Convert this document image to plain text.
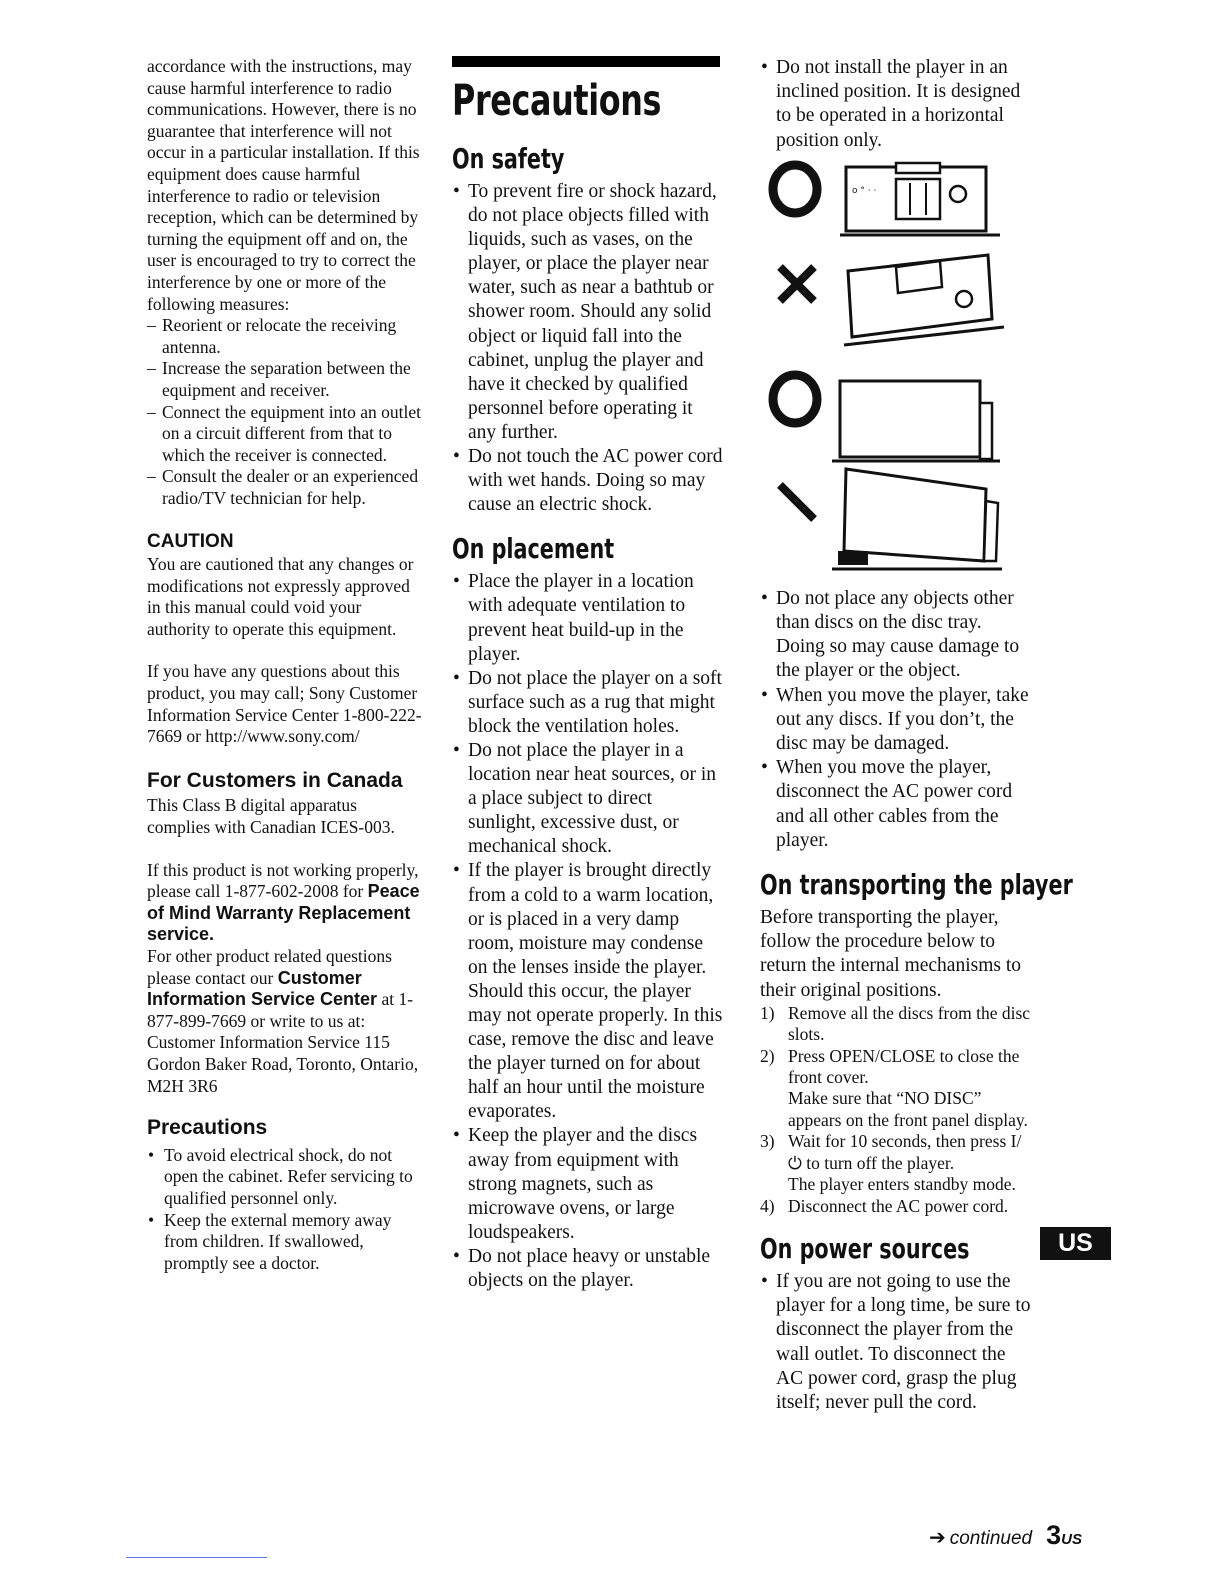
accordance with the instructions, may cause harmful interference to radio communications. However, there is no guarantee that interference will not occur in a particular installation. If this equipment does cause harmful interference to radio or television reception, which can be determined by turning the equipment off and on, the user is encouraged to try to correct the interference by one or more of the following measures:

– Reorient or relocate the receiving antenna.
– Increase the separation between the equipment and receiver.
– Connect the equipment into an outlet on a circuit different from that to which the receiver is connected.
– Consult the dealer or an experienced radio/TV technician for help.
CAUTION

You are cautioned that any changes or modifications not expressly approved in this manual could void your authority to operate this equipment.

If you have any questions about this product, you may call; Sony Customer Information Service Center 1-800-222-7669 or http://www.sony.com/

For Customers in Canada

This Class B digital apparatus complies with Canadian ICES-003.

If this product is not working properly, please call 1-877-602-2008 for Peace of Mind Warranty Replacement service.

For other product related questions please contact our Customer Information Service Center at 1-877-899-7669 or write to us at: Customer Information Service 115 Gordon Baker Road, Toronto, Ontario, M2H 3R6

Precautions
• To avoid electrical shock, do not open the cabinet. Refer servicing to qualified personnel only.
• Keep the external memory away from children. If swallowed, promptly see a doctor.
Precautions
On safety
• To prevent fire or shock hazard, do not place objects filled with liquids, such as vases, on the player, or place the player near water, such as near a bathtub or shower room. Should any solid object or liquid fall into the cabinet, unplug the player and have it checked by qualified personnel before operating it any further.
• Do not touch the AC power cord with wet hands. Doing so may cause an electric shock.
On placement
• Place the player in a location with adequate ventilation to prevent heat build-up in the player.
• Do not place the player on a soft surface such as a rug that might block the ventilation holes.
• Do not place the player in a location near heat sources, or in a place subject to direct sunlight, excessive dust, or mechanical shock.
• If the player is brought directly from a cold to a warm location, or is placed in a very damp room, moisture may condense on the lenses inside the player. Should this occur, the player may not operate properly. In this case, remove the disc and leave the player turned on for about half an hour until the moisture evaporates.
• Keep the player and the discs away from equipment with strong magnets, such as microwave ovens, or large loudspeakers.
• Do not place heavy or unstable objects on the player.
• Do not install the player in an inclined position. It is designed to be operated in a horizontal position only.
o ° · ·
• Do not place any objects other than discs on the disc tray. Doing so may cause damage to the player or the object.
• When you move the player, take out any discs. If you don’t, the disc may be damaged.
• When you move the player, disconnect the AC power cord and all other cables from the player.
On transporting the player

Before transporting the player, follow the procedure below to return the internal mechanisms to their original positions.

1) Remove all the discs from the disc slots.
2) Press OPEN/CLOSE to close the front cover.
Make sure that “NO DISC” appears on the front panel display.
3) Wait for 10 seconds, then press I/⏻ to turn off the player.
The player enters standby mode.
4) Disconnect the AC power cord.
On power sources
• If you are not going to use the player for a long time, be sure to disconnect the player from the wall outlet. To disconnect the AC power cord, grasp the plug itself; never pull the cord.
US
➔ continued 3 US
